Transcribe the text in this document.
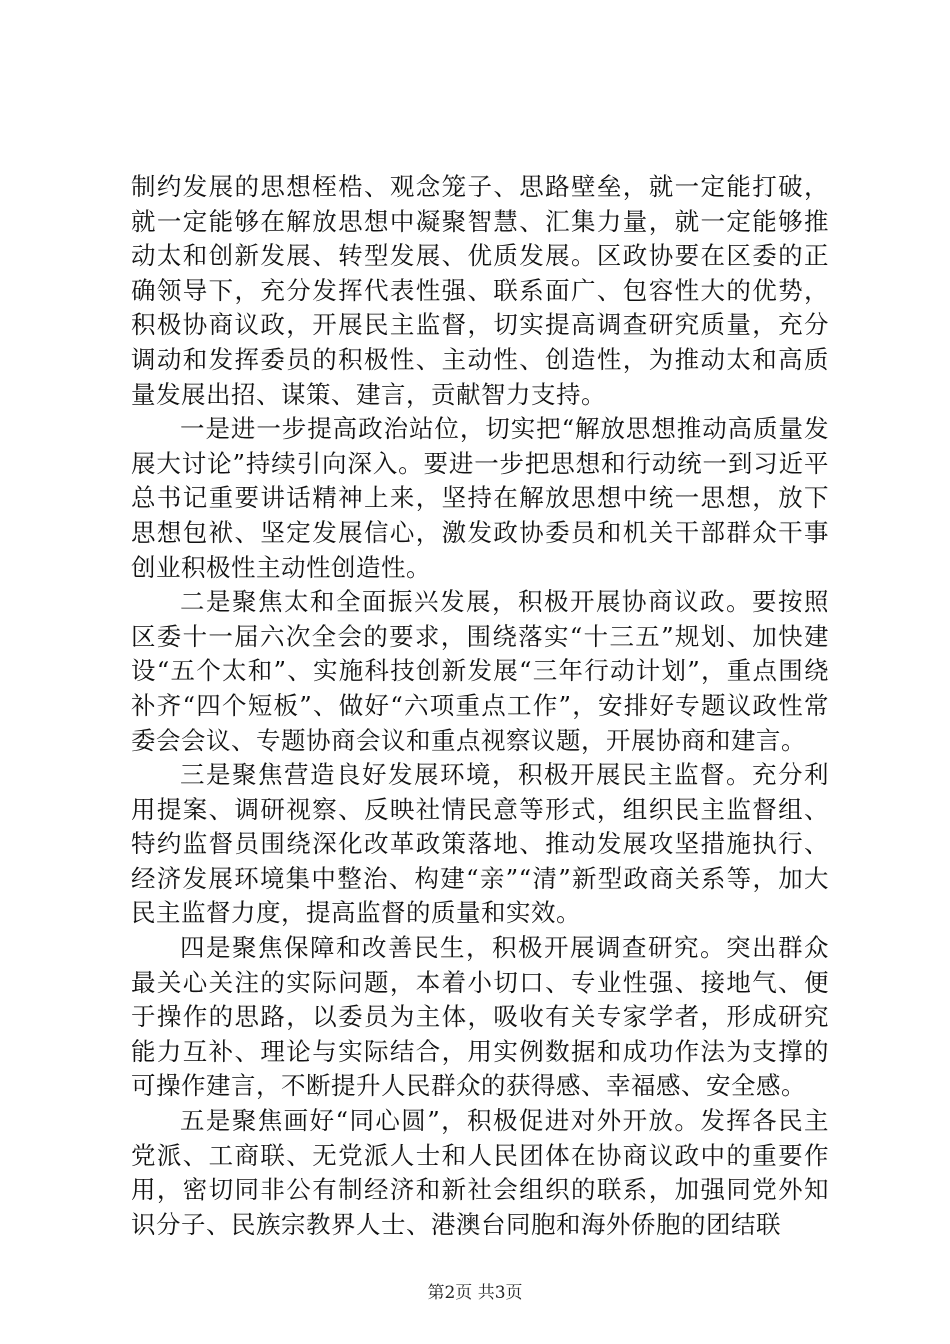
制约发展的思想桎梏、观念笼子、思路壁垒，就一定能打破，就一定能够在解放思想中凝聚智慧、汇集力量，就一定能够推动太和创新发展、转型发展、优质发展。区政协要在区委的正确领导下，充分发挥代表性强、联系面广、包容性大的优势，积极协商议政，开展民主监督，切实提高调查研究质量，充分调动和发挥委员的积极性、主动性、创造性，为推动太和高质量发展出招、谋策、建言，贡献智力支持。

一是进一步提高政治站位，切实把“解放思想推动高质量发展大讨论”持续引向深入。要进一步把思想和行动统一到习近平总书记重要讲话精神上来，坚持在解放思想中统一思想，放下思想包袱、坚定发展信心，激发政协委员和机关干部群众干事创业积极性主动性创造性。

二是聚焦太和全面振兴发展，积极开展协商议政。要按照区委十一届六次全会的要求，围绕落实“十三五”规划、加快建设“五个太和”、实施科技创新发展“三年行动计划”，重点围绕补齐“四个短板”、做好“六项重点工作”，安排好专题议政性常委会会议、专题协商会议和重点视察议题，开展协商和建言。

三是聚焦营造良好发展环境，积极开展民主监督。充分利用提案、调研视察、反映社情民意等形式，组织民主监督组、特约监督员围绕深化改革政策落地、推动发展攻坚措施执行、经济发展环境集中整治、构建“亲”“清”新型政商关系等，加大民主监督力度，提高监督的质量和实效。

四是聚焦保障和改善民生，积极开展调查研究。突出群众最关心关注的实际问题，本着小切口、专业性强、接地气、便于操作的思路，以委员为主体，吸收有关专家学者，形成研究能力互补、理论与实际结合，用实例数据和成功作法为支撑的可操作建言，不断提升人民群众的获得感、幸福感、安全感。

五是聚焦画好“同心圆”，积极促进对外开放。发挥各民主党派、工商联、无党派人士和人民团体在协商议政中的重要作用，密切同非公有制经济和新社会组织的联系，加强同党外知识分子、民族宗教界人士、港澳台同胞和海外侨胞的团结联

第2页 共3页
